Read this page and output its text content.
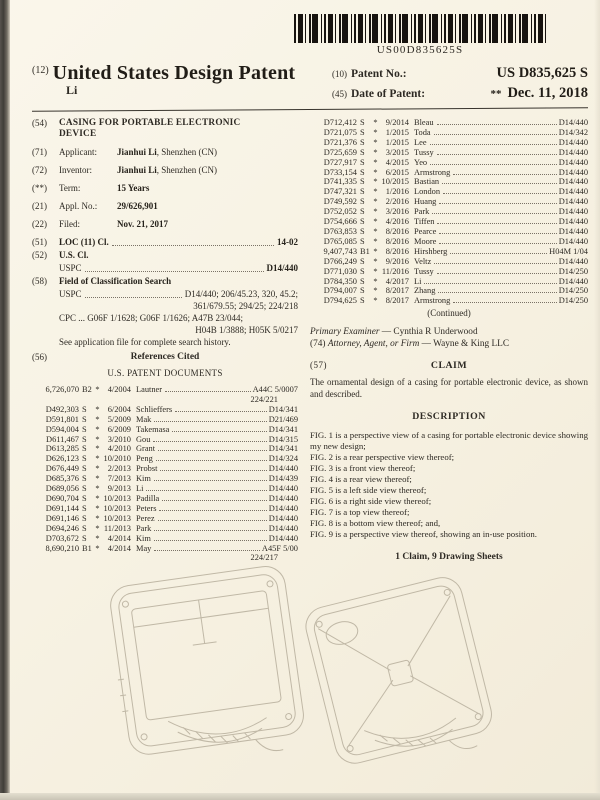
US00D835625S
$^{(12)}$ United States Design Patent
Li
(10) Patent No.:	US D835,625 S
(45) Date of Patent:	** Dec. 11, 2018
(54)	CASING FOR PORTABLE ELECTRONIC DEVICE
(71)	Applicant:	Jianhui Li, Shenzhen (CN)
(72)	Inventor:	Jianhui Li, Shenzhen (CN)
(**)	Term:	15 Years
(21)	Appl. No.:	29/626,901
(22)	Filed:	Nov. 21, 2017
(51)	LOC (11) Cl.	14-02
(52)	U.S. Cl.
USPC	D14/440
(58)	Field of Classification Search
USPC	D14/440; 206/45.23, 320, 45.2;
361/679.55; 294/25; 224/218
CPC ...
G06F 1/1628; G06F 1/1626; A47B 23/044;
H04B 1/3888; H05K 5/0217
See application file for complete search history.
(56)	References Cited
U.S. PATENT DOCUMENTS
6,726,070 B2 * 4/2004 Lautner	A44C 5/0007
224/221
D492,303 S	* 6/2004 Schlieffers	D14/341
D591,801 S	* 5/2009 Mak	D21/469
D594,004 S	* 6/2009 Takemasa	D14/341
D611,467 S	* 3/2010 Gou	D14/315
D613,285 S	* 4/2010 Grant	D14/341
D626,123 S	* 10/2010 Peng	D14/324
D676,449 S	* 2/2013 Probst	D14/440
D685,376 S	* 7/2013 Kim	D14/439
D689,056 S	* 9/2013 Li	D14/440
D690,704 S	* 10/2013 Padilla	D14/440
D691,144 S	* 10/2013 Peters	D14/440
D691,146 S	* 10/2013 Perez	D14/440
D694,246 S	* 11/2013 Park	D14/440
D703,672 S	* 4/2014 Kim	D14/440
8,690,210 B1 * 4/2014 May	A45F 5/00
224/217
D712,412 S	* 9/2014 Bleau	D14/440
D721,075 S	* 1/2015 Toda	D14/342
D721,376 S	* 1/2015 Lee	D14/440
D725,659 S	* 3/2015 Tussy	D14/440
D727,917 S	* 4/2015 Yeo	D14/440
D733,154 S	* 6/2015 Armstrong	D14/440
D741,335 S	* 10/2015 Bastian	D14/440
D747,321 S	* 1/2016 London	D14/440
D749,592 S	* 2/2016 Huang	D14/440
D752,052 S	* 3/2016 Park	D14/440
D754,666 S	* 4/2016 Tiffen	D14/440
D763,853 S	* 8/2016 Pearce	D14/440
D765,085 S	* 8/2016 Moore	D14/440
9,407,743 B1 * 8/2016 Hirshberg	H04M 1/04
D766,249 S	* 9/2016 Veltz	D14/440
D771,030 S	* 11/2016 Tussy	D14/250
D784,350 S	* 4/2017 Li	D14/440
D794,007 S	* 8/2017 Zhang	D14/250
D794,625 S	* 8/2017 Armstrong	D14/250
(Continued)
Primary Examiner — Cynthia R Underwood
(74) Attorney, Agent, or Firm — Wayne & King LLC
(57)	CLAIM
The ornamental design of a casing for portable electronic device, as shown and described.
DESCRIPTION
FIG. 1 is a perspective view of a casing for portable electronic device showing my new design;
FIG. 2 is a rear perspective view thereof;
FIG. 3 is a front view thereof;
FIG. 4 is a rear view thereof;
FIG. 5 is a left side view thereof;
FIG. 6 is a right side view thereof;
FIG. 7 is a top view thereof;
FIG. 8 is a bottom view thereof; and,
FIG. 9 is a perspective view thereof, showing an in-use position.
1 Claim, 9 Drawing Sheets
